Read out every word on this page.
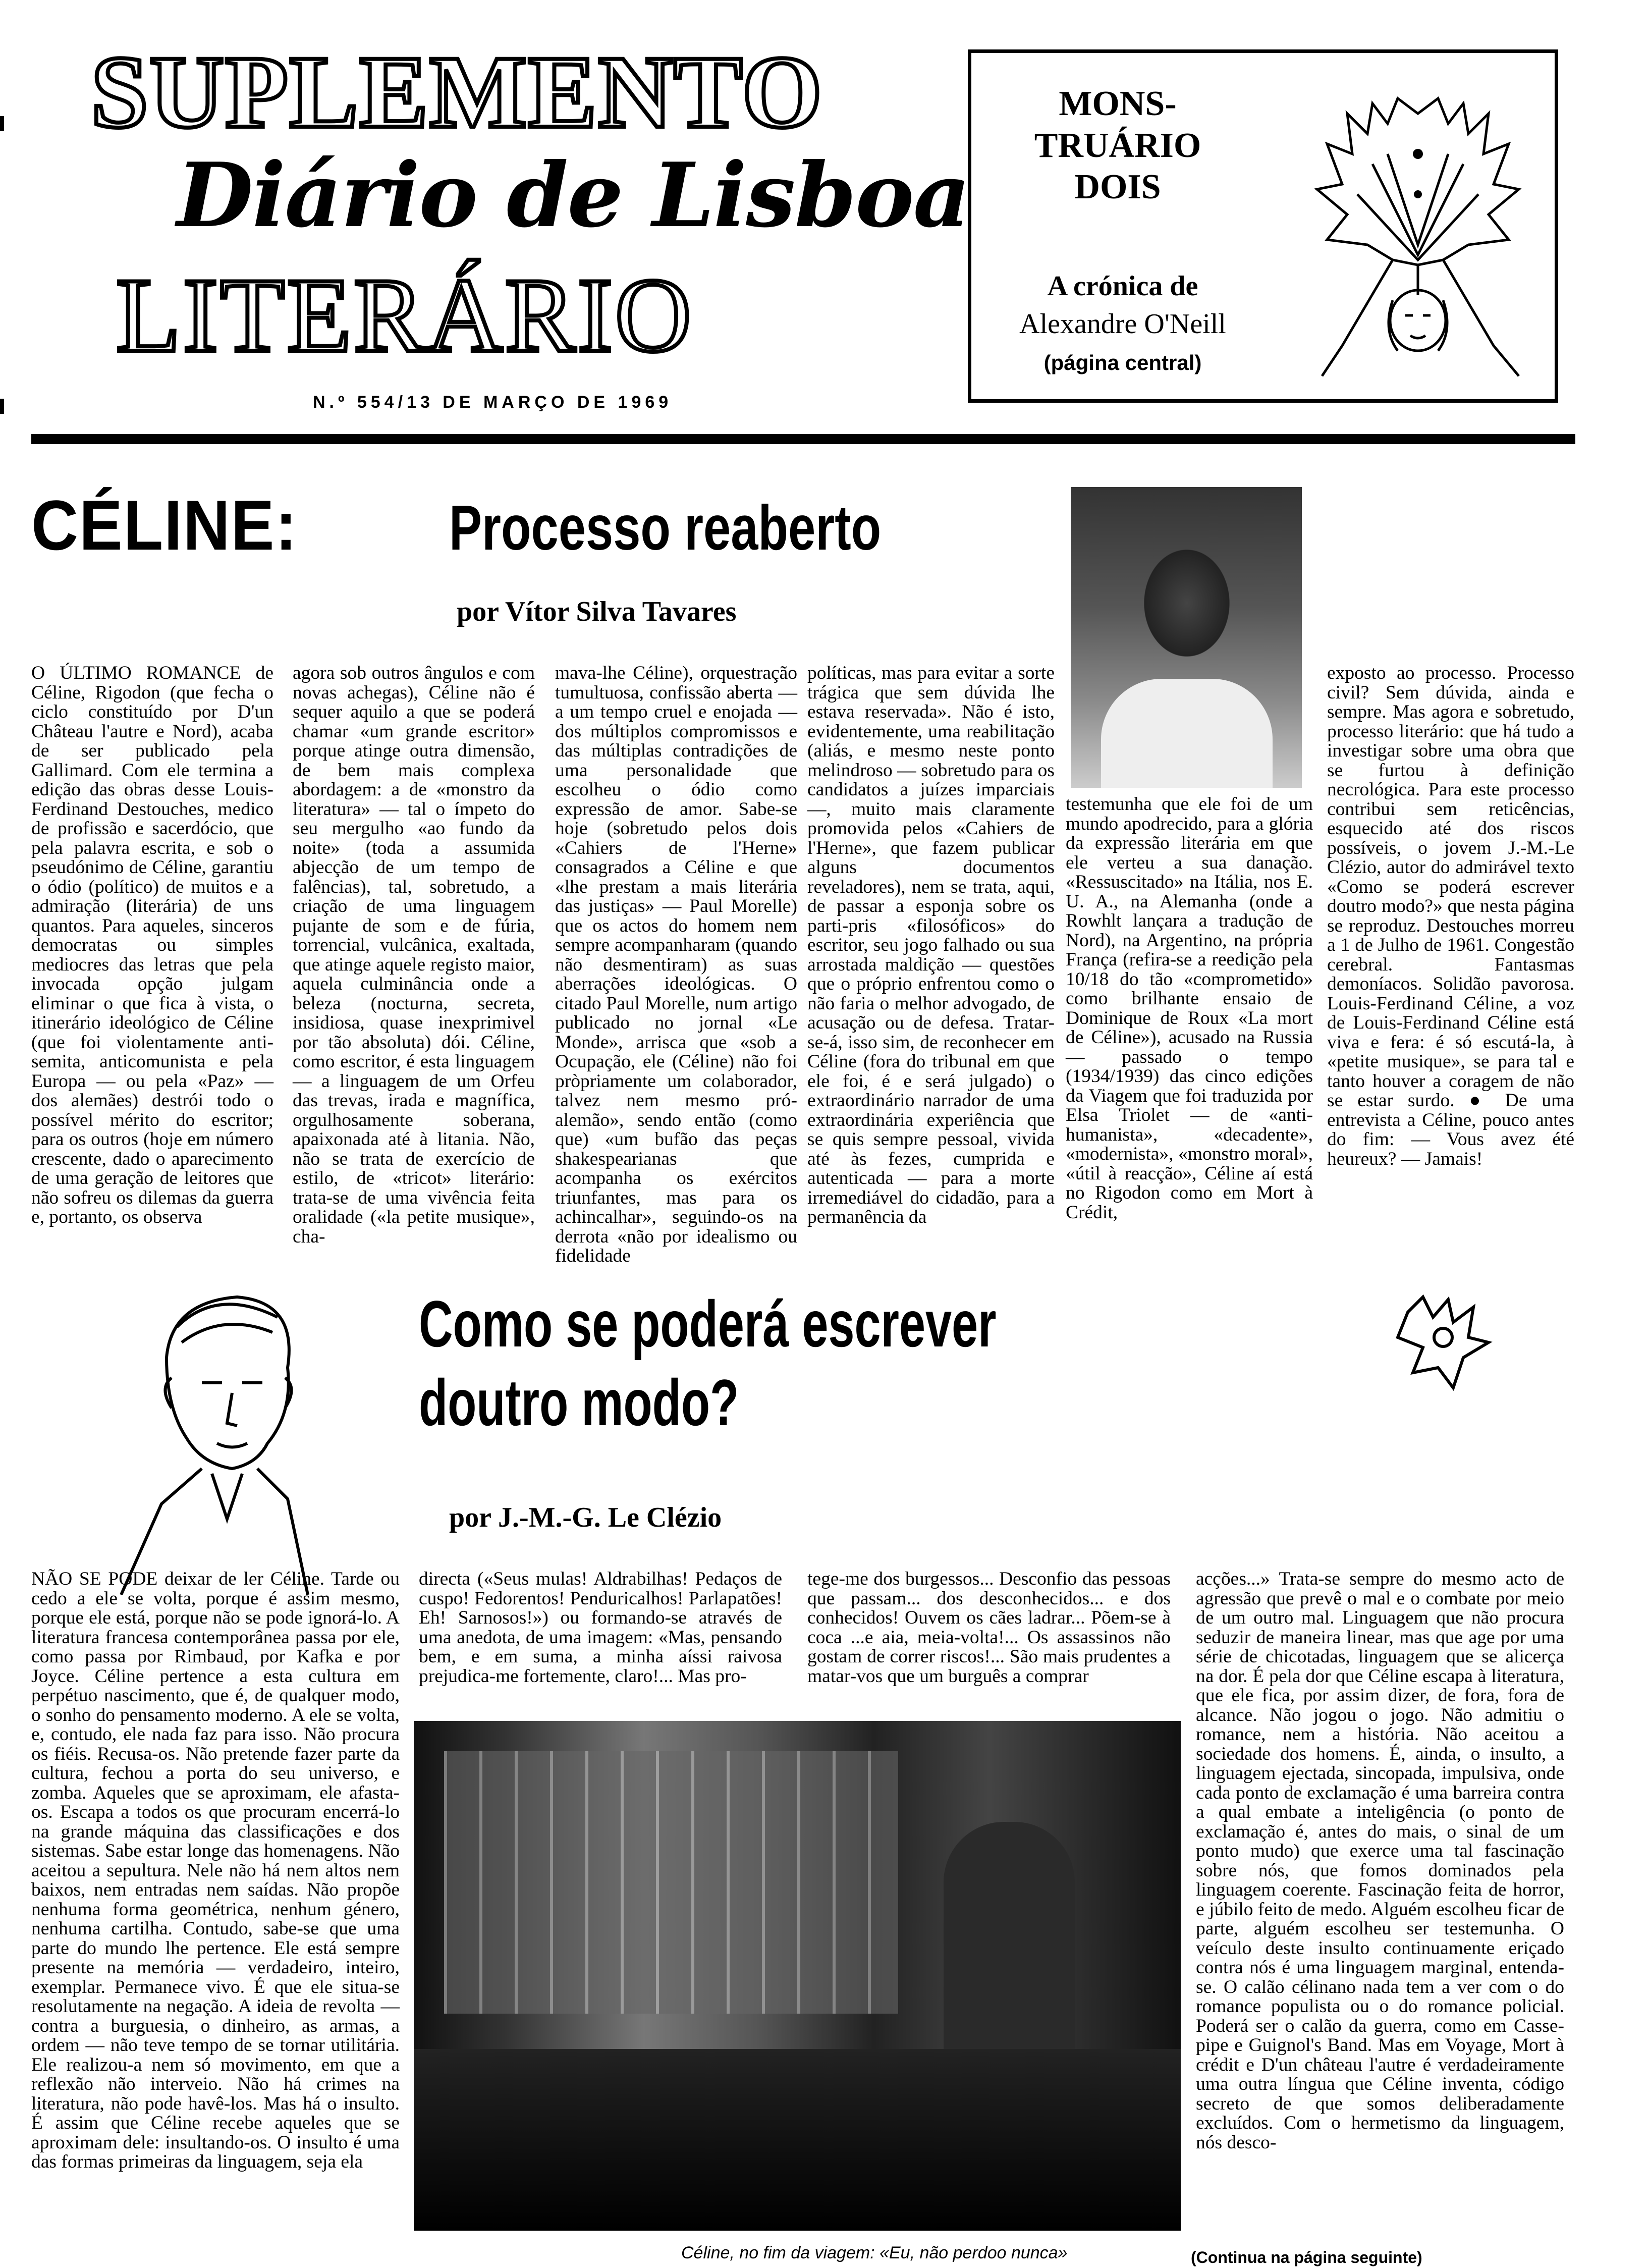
SUPLEMENTO
Diário de Lisboa
LITERÁRIO
N.º 554/13 DE MARÇO DE 1969
MONS-
TRUÁRIO
DOIS
A crónica de
Alexandre O'Neill
(página central)
CÉLINE: Processo reaberto
por Vítor Silva Tavares

O ÚLTIMO ROMANCE de Céline, Rigodon (que fecha o ciclo constituído por D'un Château l'autre e Nord), acaba de ser publicado pela Gallimard. Com ele termina a edição das obras desse Louis-Ferdinand Destouches, medico de profissão e sacerdócio, que pela palavra escrita, e sob o pseudónimo de Céline, garantiu o ódio (político) de muitos e a admiração (literária) de uns quantos. Para aqueles, sinceros democratas ou simples mediocres das letras que pela invocada opção julgam eliminar o que fica à vista, o itinerário ideológico de Céline (que foi violentamente anti-semita, anticomunista e pela Europa — ou pela «Paz» — dos alemães) destrói todo o possível mérito do escritor; para os outros (hoje em número crescente, dado o aparecimento de uma geração de leitores que não sofreu os dilemas da guerra e, portanto, os observa

agora sob outros ângulos e com novas achegas), Céline não é sequer aquilo a que se poderá chamar «um grande escritor» porque atinge outra dimensão, de bem mais complexa abordagem: a de «monstro da literatura» — tal o ímpeto do seu mergulho «ao fundo da noite» (toda a assumida abjecção de um tempo de falências), tal, sobretudo, a criação de uma linguagem pujante de som e de fúria, torrencial, vulcânica, exaltada, que atinge aquele registo maior, aquela culminância onde a beleza (nocturna, secreta, insidiosa, quase inexprimivel por tão absoluta) dói. Céline, como escritor, é esta linguagem — a linguagem de um Orfeu das trevas, irada e magnífica, orgulhosamente soberana, apaixonada até à litania. Não, não se trata de exercício de estilo, de «tricot» literário: trata-se de uma vivência feita oralidade («la petite musique», cha-

mava-lhe Céline), orquestração tumultuosa, confissão aberta — a um tempo cruel e enojada — dos múltiplos compromissos e das múltiplas contradições de uma personalidade que escolheu o ódio como expressão de amor. Sabe-se hoje (sobretudo pelos dois «Cahiers de l'Herne» consagrados a Céline e que «lhe prestam a mais literária das justiças» — Paul Morelle) que os actos do homem nem sempre acompanharam (quando não desmentiram) as suas aberrações ideológicas. O citado Paul Morelle, num artigo publicado no jornal «Le Monde», arrisca que «sob a Ocupação, ele (Céline) não foi pròpriamente um colaborador, talvez nem mesmo pró-alemão», sendo então (como que) «um bufão das peças shakespearianas que acompanha os exércitos triunfantes, mas para os achincalhar», seguindo-os na derrota «não por idealismo ou fidelidade

políticas, mas para evitar a sorte trágica que sem dúvida lhe estava reservada». Não é isto, evidentemente, uma reabilitação (aliás, e mesmo neste ponto melindroso — sobretudo para os candidatos a juízes imparciais —, muito mais claramente promovida pelos «Cahiers de l'Herne», que fazem publicar alguns documentos reveladores), nem se trata, aqui, de passar a esponja sobre os parti-pris «filosóficos» do escritor, seu jogo falhado ou sua arrostada maldição — questões que o próprio enfrentou como o não faria o melhor advogado, de acusação ou de defesa. Tratar-se-á, isso sim, de reconhecer em Céline (fora do tribunal em que ele foi, é e será julgado) o extraordinário narrador de uma extraordinária experiência que se quis sempre pessoal, vivida até às fezes, cumprida e autenticada — para a morte irremediável do cidadão, para a permanência da

testemunha que ele foi de um mundo apodrecido, para a glória da expressão literária em que ele verteu a sua danação. «Ressuscitado» na Itália, nos E. U. A., na Alemanha (onde a Rowhlt lançara a tradução de Nord), na Argentino, na própria França (refira-se a reedição pela 10/18 do tão «comprometido» como brilhante ensaio de Dominique de Roux «La mort de Céline»), acusado na Russia — passado o tempo (1934/1939) das cinco edições da Viagem que foi traduzida por Elsa Triolet — de «anti-humanista», «decadente», «modernista», «monstro moral», «útil à reacção», Céline aí está no Rigodon como em Mort à Crédit,

exposto ao processo. Processo civil? Sem dúvida, ainda e sempre. Mas agora e sobretudo, processo literário: que há tudo a investigar sobre uma obra que se furtou à definição necrológica. Para este processo contribui sem reticências, esquecido até dos riscos possíveis, o jovem J.-M.-Le Clézio, autor do admirável texto «Como se poderá escrever doutro modo?» que nesta página se reproduz. Destouches morreu a 1 de Julho de 1961. Congestão cerebral. Fantasmas demoníacos. Solidão pavorosa. Louis-Ferdinand Céline, a voz de Louis-Ferdinand Céline está viva e fera: é só escutá-la, à «petite musique», se para tal e tanto houver a coragem de não se estar surdo. ● De uma entrevista a Céline, pouco antes do fim: — Vous avez été heureux? — Jamais!

Como se poderá escrever
doutro modo?
por J.-M.-G. Le Clézio

NÃO SE PODE deixar de ler Céline. Tarde ou cedo a ele se volta, porque é assim mesmo, porque ele está, porque não se pode ignorá-lo. A literatura francesa contemporânea passa por ele, como passa por Rimbaud, por Kafka e por Joyce. Céline pertence a esta cultura em perpétuo nascimento, que é, de qualquer modo, o sonho do pensamento moderno. A ele se volta, e, contudo, ele nada faz para isso. Não procura os fiéis. Recusa-os. Não pretende fazer parte da cultura, fechou a porta do seu universo, e zomba. Aqueles que se aproximam, ele afasta-os. Escapa a todos os que procuram encerrá-lo na grande máquina das classificações e dos sistemas. Sabe estar longe das homenagens. Não aceitou a sepultura. Nele não há nem altos nem baixos, nem entradas nem saídas. Não propõe nenhuma forma geométrica, nenhum género, nenhuma cartilha. Contudo, sabe-se que uma parte do mundo lhe pertence. Ele está sempre presente na memória — verdadeiro, inteiro, exemplar. Permanece vivo. É que ele situa-se resolutamente na negação. A ideia de revolta — contra a burguesia, o dinheiro, as armas, a ordem — não teve tempo de se tornar utilitária. Ele realizou-a nem só movimento, em que a reflexão não interveio. Não há crimes na literatura, não pode havê-los. Mas há o insulto. É assim que Céline recebe aqueles que se aproximam dele: insultando-os. O insulto é uma das formas primeiras da linguagem, seja ela

directa («Seus mulas! Aldrabilhas! Pedaços de cuspo! Fedorentos! Penduricalhos! Parlapatões! Eh! Sarnosos!») ou formando-se através de uma anedota, de uma imagem: «Mas, pensando bem, e em suma, a minha aíssi raivosa prejudica-me fortemente, claro!... Mas pro-

tege-me dos burgessos... Desconfio das pessoas que passam... dos desconhecidos... e dos conhecidos! Ouvem os cães ladrar... Põem-se à coca ...e aia, meia-volta!... Os assassinos não gostam de correr riscos!... São mais prudentes a matar-vos que um burguês a comprar

acções...» Trata-se sempre do mesmo acto de agressão que prevê o mal e o combate por meio de um outro mal. Linguagem que não procura seduzir de maneira linear, mas que age por uma série de chicotadas, linguagem que se alicerça na dor. É pela dor que Céline escapa à literatura, que ele fica, por assim dizer, de fora, fora de alcance. Não jogou o jogo. Não admitiu o romance, nem a história. Não aceitou a sociedade dos homens. É, ainda, o insulto, a linguagem ejectada, sincopada, impulsiva, onde cada ponto de exclamação é uma barreira contra a qual embate a inteligência (o ponto de exclamação é, antes do mais, o sinal de um ponto mudo) que exerce uma tal fascinação sobre nós, que fomos dominados pela linguagem coerente. Fascinação feita de horror, e júbilo feito de medo. Alguém escolheu ficar de parte, alguém escolheu ser testemunha. O veículo deste insulto continuamente eriçado contra nós é uma linguagem marginal, entenda-se. O calão célinano nada tem a ver com o do romance populista ou o do romance policial. Poderá ser o calão da guerra, como em Casse-pipe e Guignol's Band. Mas em Voyage, Mort à crédit e D'un château l'autre é verdadeiramente uma outra língua que Céline inventa, código secreto de que somos deliberadamente excluídos. Com o hermetismo da linguagem, nós desco-

Céline, no fim da viagem: «Eu, não perdoo nunca»	(Continua na página seguinte)
